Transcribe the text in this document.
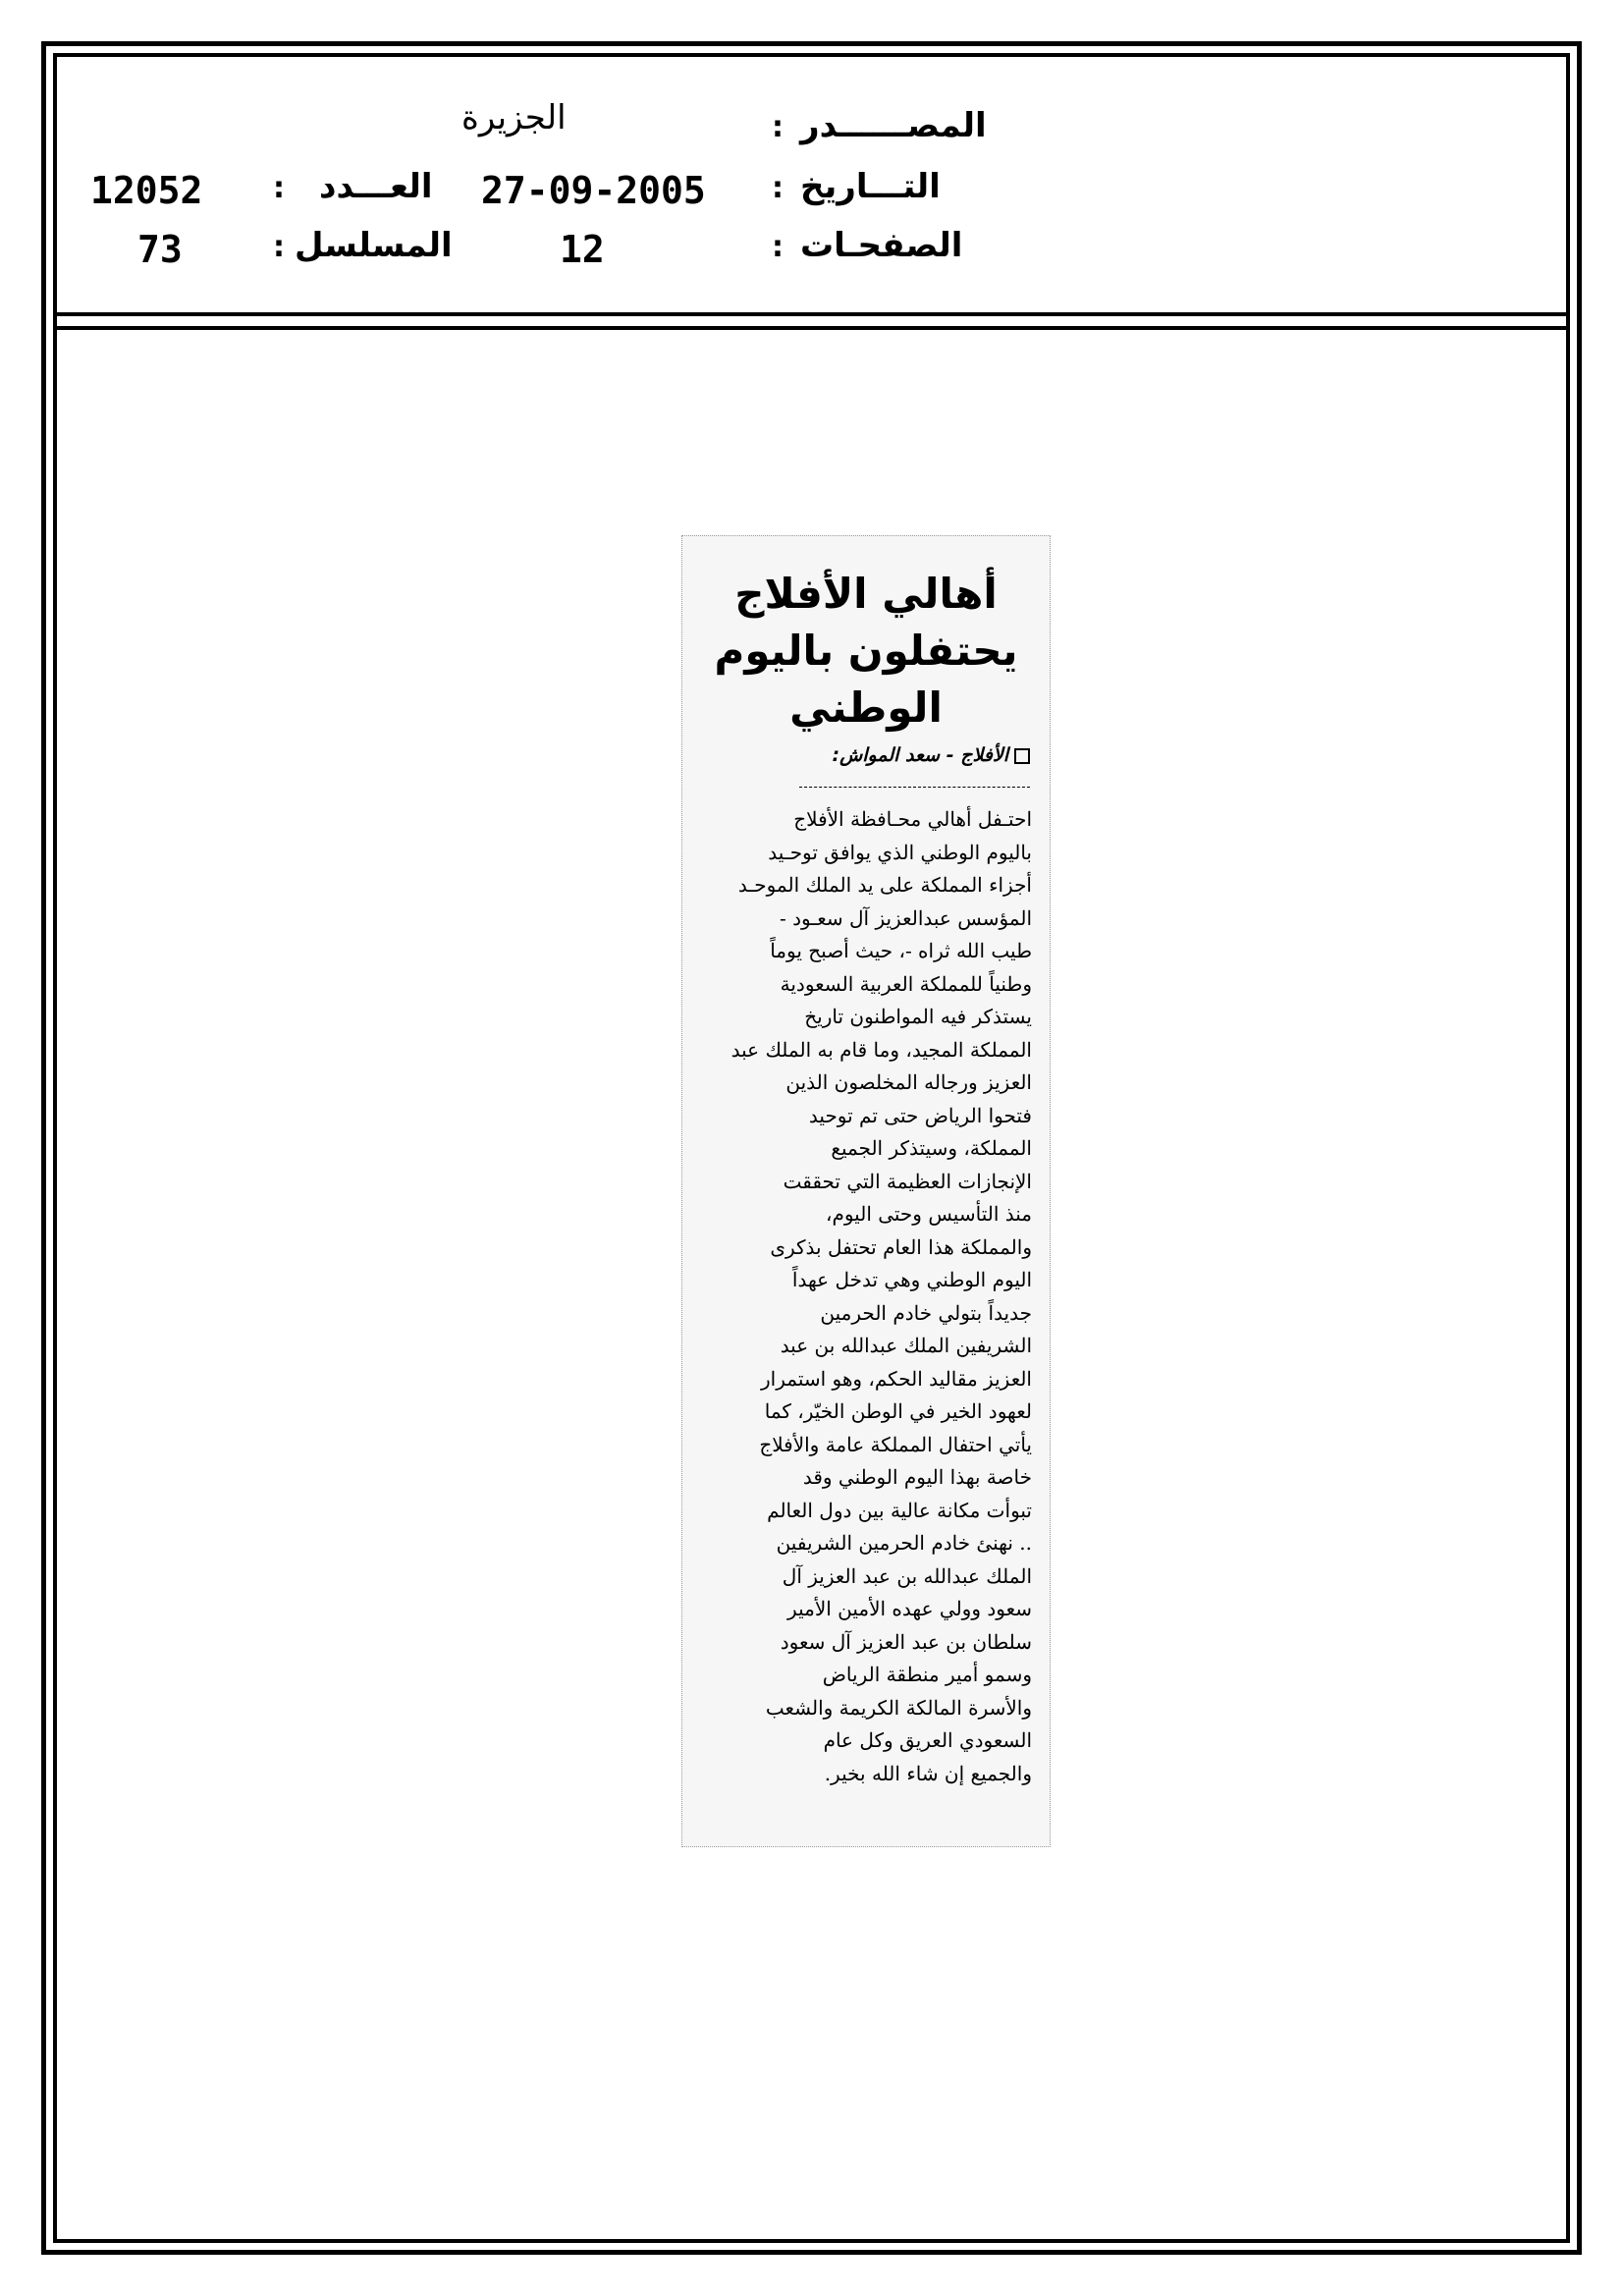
المصــــــدر
:
الجزيرة
التـــاريخ
:
27-09-2005
العـــدد
:
12052
الصفحـات
:
12
المسلسل
:
73
أهالي الأفلاج
يحتفلون باليوم
الوطني
الأفلاج - سعد المواش:
احتـفل أهالي محـافظة الأفلاج
باليوم الوطني الذي يوافق توحـيد
أجزاء المملكة على يد الملك الموحـد
المؤسس عبدالعزيز آل سعـود -
طيب الله ثراه -، حيث أصبح يوماً
وطنياً للمملكة العربية السعودية
يستذكر فيه المواطنون تاريخ
المملكة المجيد، وما قام به الملك عبد
العزيز ورجاله المخلصون الذين
فتحوا الرياض حتى تم توحيد
المملكة، وسيتذكر الجميع
الإنجازات العظيمة التي تحققت
منذ التأسيس وحتى اليوم،
والمملكة هذا العام تحتفل بذكرى
اليوم الوطني وهي تدخل عهداً
جديداً بتولي خادم الحرمين
الشريفين الملك عبدالله بن عبد
العزيز مقاليد الحكم، وهو استمرار
لعهود الخير في الوطن الخيّر، كما
يأتي احتفال المملكة عامة والأفلاج
خاصة بهذا اليوم الوطني وقد
تبوأت مكانة عالية بين دول العالم
.. نهنئ خادم الحرمين الشريفين
الملك عبدالله بن عبد العزيز آل
سعود وولي عهده الأمين الأمير
سلطان بن عبد العزيز آل سعود
وسمو أمير منطقة الرياض
والأسرة المالكة الكريمة والشعب
السعودي العريق وكل عام
والجميع إن شاء الله بخير.
